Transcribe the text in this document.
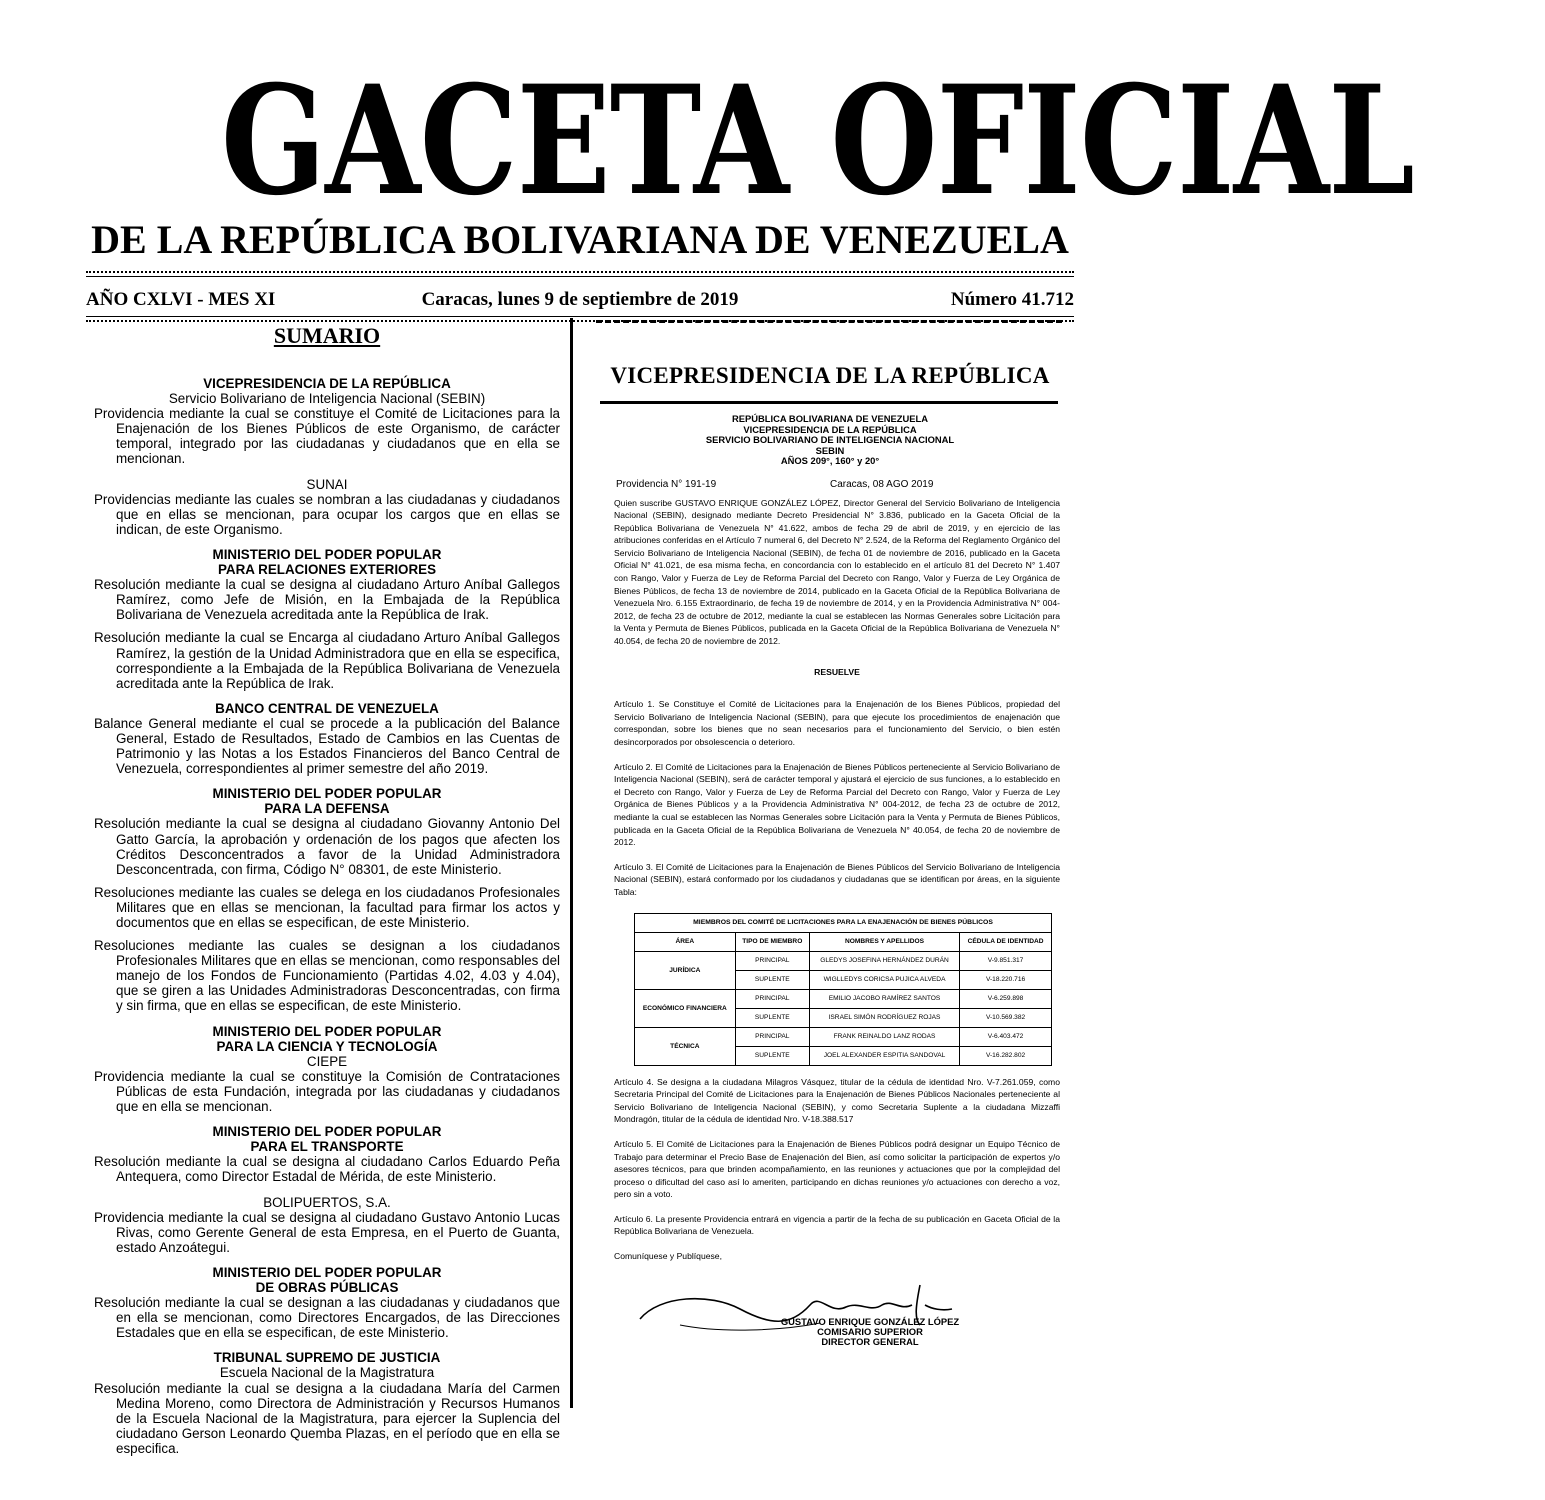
GACETA OFICIAL
DE LA REPÚBLICA BOLIVARIANA DE VENEZUELA
Caracas, lunes 9 de septiembre de 2019
AÑO CXLVI - MES XI	Número 41.712
SUMARIO
VICEPRESIDENCIA DE LA REPÚBLICA
Servicio Bolivariano de Inteligencia Nacional (SEBIN)

Providencia mediante la cual se constituye el Comité de Licitaciones para la Enajenación de los Bienes Públicos de este Organismo, de carácter temporal, integrado por las ciudadanas y ciudadanos que en ella se mencionan.

SUNAI

Providencias mediante las cuales se nombran a las ciudadanas y ciudadanos que en ellas se mencionan, para ocupar los cargos que en ellas se indican, de este Organismo.

MINISTERIO DEL PODER POPULAR
PARA RELACIONES EXTERIORES

Resolución mediante la cual se designa al ciudadano Arturo Aníbal Gallegos Ramírez, como Jefe de Misión, en la Embajada de la República Bolivariana de Venezuela acreditada ante la República de Irak.

Resolución mediante la cual se Encarga al ciudadano Arturo Aníbal Gallegos Ramírez, la gestión de la Unidad Administradora que en ella se especifica, correspondiente a la Embajada de la República Bolivariana de Venezuela acreditada ante la República de Irak.

BANCO CENTRAL DE VENEZUELA

Balance General mediante el cual se procede a la publicación del Balance General, Estado de Resultados, Estado de Cambios en las Cuentas de Patrimonio y las Notas a los Estados Financieros del Banco Central de Venezuela, correspondientes al primer semestre del año 2019.

MINISTERIO DEL PODER POPULAR
PARA LA DEFENSA

Resolución mediante la cual se designa al ciudadano Giovanny Antonio Del Gatto García, la aprobación y ordenación de los pagos que afecten los Créditos Desconcentrados a favor de la Unidad Administradora Desconcentrada, con firma, Código N° 08301, de este Ministerio.

Resoluciones mediante las cuales se delega en los ciudadanos Profesionales Militares que en ellas se mencionan, la facultad para firmar los actos y documentos que en ellas se especifican, de este Ministerio.

Resoluciones mediante las cuales se designan a los ciudadanos Profesionales Militares que en ellas se mencionan, como responsables del manejo de los Fondos de Funcionamiento (Partidas 4.02, 4.03 y 4.04), que se giren a las Unidades Administradoras Desconcentradas, con firma y sin firma, que en ellas se especifican, de este Ministerio.

MINISTERIO DEL PODER POPULAR
PARA LA CIENCIA Y TECNOLOGÍA
CIEPE

Providencia mediante la cual se constituye la Comisión de Contrataciones Públicas de esta Fundación, integrada por las ciudadanas y ciudadanos que en ella se mencionan.

MINISTERIO DEL PODER POPULAR
PARA EL TRANSPORTE

Resolución mediante la cual se designa al ciudadano Carlos Eduardo Peña Antequera, como Director Estadal de Mérida, de este Ministerio.

BOLIPUERTOS, S.A.

Providencia mediante la cual se designa al ciudadano Gustavo Antonio Lucas Rivas, como Gerente General de esta Empresa, en el Puerto de Guanta, estado Anzoátegui.

MINISTERIO DEL PODER POPULAR
DE OBRAS PÚBLICAS

Resolución mediante la cual se designan a las ciudadanas y ciudadanos que en ella se mencionan, como Directores Encargados, de las Direcciones Estadales que en ella se especifican, de este Ministerio.

TRIBUNAL SUPREMO DE JUSTICIA
Escuela Nacional de la Magistratura

Resolución mediante la cual se designa a la ciudadana María del Carmen Medina Moreno, como Directora de Administración y Recursos Humanos de la Escuela Nacional de la Magistratura, para ejercer la Suplencia del ciudadano Gerson Leonardo Quemba Plazas, en el período que en ella se especifica.

VICEPRESIDENCIA DE LA REPÚBLICA
REPÚBLICA BOLIVARIANA DE VENEZUELA
VICEPRESIDENCIA DE LA REPÚBLICA
SERVICIO BOLIVARIANO DE INTELIGENCIA NACIONAL
SEBIN
AÑOS 209°, 160° y 20°
Providencia N° 191-19	Caracas, 08 AGO 2019
Quien suscribe GUSTAVO ENRIQUE GONZÁLEZ LÓPEZ, Director General del Servicio Bolivariano de Inteligencia Nacional (SEBIN), designado mediante Decreto Presidencial N° 3.836, publicado en la Gaceta Oficial de la República Bolivariana de Venezuela N° 41.622, ambos de fecha 29 de abril de 2019, y en ejercicio de las atribuciones conferidas en el Artículo 7 numeral 6, del Decreto N° 2.524, de la Reforma del Reglamento Orgánico del Servicio Bolivariano de Inteligencia Nacional (SEBIN), de fecha 01 de noviembre de 2016, publicado en la Gaceta Oficial N° 41.021, de esa misma fecha, en concordancia con lo establecido en el artículo 81 del Decreto N° 1.407 con Rango, Valor y Fuerza de Ley de Reforma Parcial del Decreto con Rango, Valor y Fuerza de Ley Orgánica de Bienes Públicos, de fecha 13 de noviembre de 2014, publicado en la Gaceta Oficial de la República Bolivariana de Venezuela Nro. 6.155 Extraordinario, de fecha 19 de noviembre de 2014, y en la Providencia Administrativa N° 004-2012, de fecha 23 de octubre de 2012, mediante la cual se establecen las Normas Generales sobre Licitación para la Venta y Permuta de Bienes Públicos, publicada en la Gaceta Oficial de la República Bolivariana de Venezuela N° 40.054, de fecha 20 de noviembre de 2012.
RESUELVE
Artículo 1. Se Constituye el Comité de Licitaciones para la Enajenación de los Bienes Públicos, propiedad del Servicio Bolivariano de Inteligencia Nacional (SEBIN), para que ejecute los procedimientos de enajenación que correspondan, sobre los bienes que no sean necesarios para el funcionamiento del Servicio, o bien estén desincorporados por obsolescencia o deterioro.
Artículo 2. El Comité de Licitaciones para la Enajenación de Bienes Públicos perteneciente al Servicio Bolivariano de Inteligencia Nacional (SEBIN), será de carácter temporal y ajustará el ejercicio de sus funciones, a lo establecido en el Decreto con Rango, Valor y Fuerza de Ley de Reforma Parcial del Decreto con Rango, Valor y Fuerza de Ley Orgánica de Bienes Públicos y a la Providencia Administrativa N° 004-2012, de fecha 23 de octubre de 2012, mediante la cual se establecen las Normas Generales sobre Licitación para la Venta y Permuta de Bienes Públicos, publicada en la Gaceta Oficial de la República Bolivariana de Venezuela N° 40.054, de fecha 20 de noviembre de 2012.
Artículo 3. El Comité de Licitaciones para la Enajenación de Bienes Públicos del Servicio Bolivariano de Inteligencia Nacional (SEBIN), estará conformado por los ciudadanos y ciudadanas que se identifican por áreas, en la siguiente Tabla:
MIEMBROS DEL COMITÉ DE LICITACIONES PARA LA ENAJENACIÓN DE BIENES PÚBLICOS			
ÁREA	TIPO DE MIEMBRO	NOMBRES Y APELLIDOS	CÉDULA DE IDENTIDAD
JURÍDICA	PRINCIPAL	GLEDYS JOSEFINA HERNÁNDEZ DURÁN	V-9.851.317
	SUPLENTE	WIGLLEDYS CORICSA PUJICA ALVEDA	V-18.220.716
ECONÓMICO FINANCIERA	PRINCIPAL	EMILIO JACOBO RAMÍREZ SANTOS	V-6.259.898
	SUPLENTE	ISRAEL SIMÓN RODRÍGUEZ ROJAS	V-10.569.382
TÉCNICA	PRINCIPAL	FRANK REINALDO LANZ RODAS	V-6.403.472
	SUPLENTE	JOEL ALEXANDER ESPITIA SANDOVAL	V-16.282.802
Artículo 4. Se designa a la ciudadana Milagros Vásquez, titular de la cédula de identidad Nro. V-7.261.059, como Secretaria Principal del Comité de Licitaciones para la Enajenación de Bienes Públicos Nacionales perteneciente al Servicio Bolivariano de Inteligencia Nacional (SEBIN), y como Secretaria Suplente a la ciudadana Mizzaffi Mondragón, titular de la cédula de identidad Nro. V-18.388.517
Artículo 5. El Comité de Licitaciones para la Enajenación de Bienes Públicos podrá designar un Equipo Técnico de Trabajo para determinar el Precio Base de Enajenación del Bien, así como solicitar la participación de expertos y/o asesores técnicos, para que brinden acompañamiento, en las reuniones y actuaciones que por la complejidad del proceso o dificultad del caso así lo ameriten, participando en dichas reuniones y/o actuaciones con derecho a voz, pero sin a voto.
Artículo 6. La presente Providencia entrará en vigencia a partir de la fecha de su publicación en Gaceta Oficial de la República Bolivariana de Venezuela.
Comuníquese y Publíquese,
GUSTAVO ENRIQUE GONZÁLEZ LÓPEZ
COMISARIO SUPERIOR
DIRECTOR GENERAL
